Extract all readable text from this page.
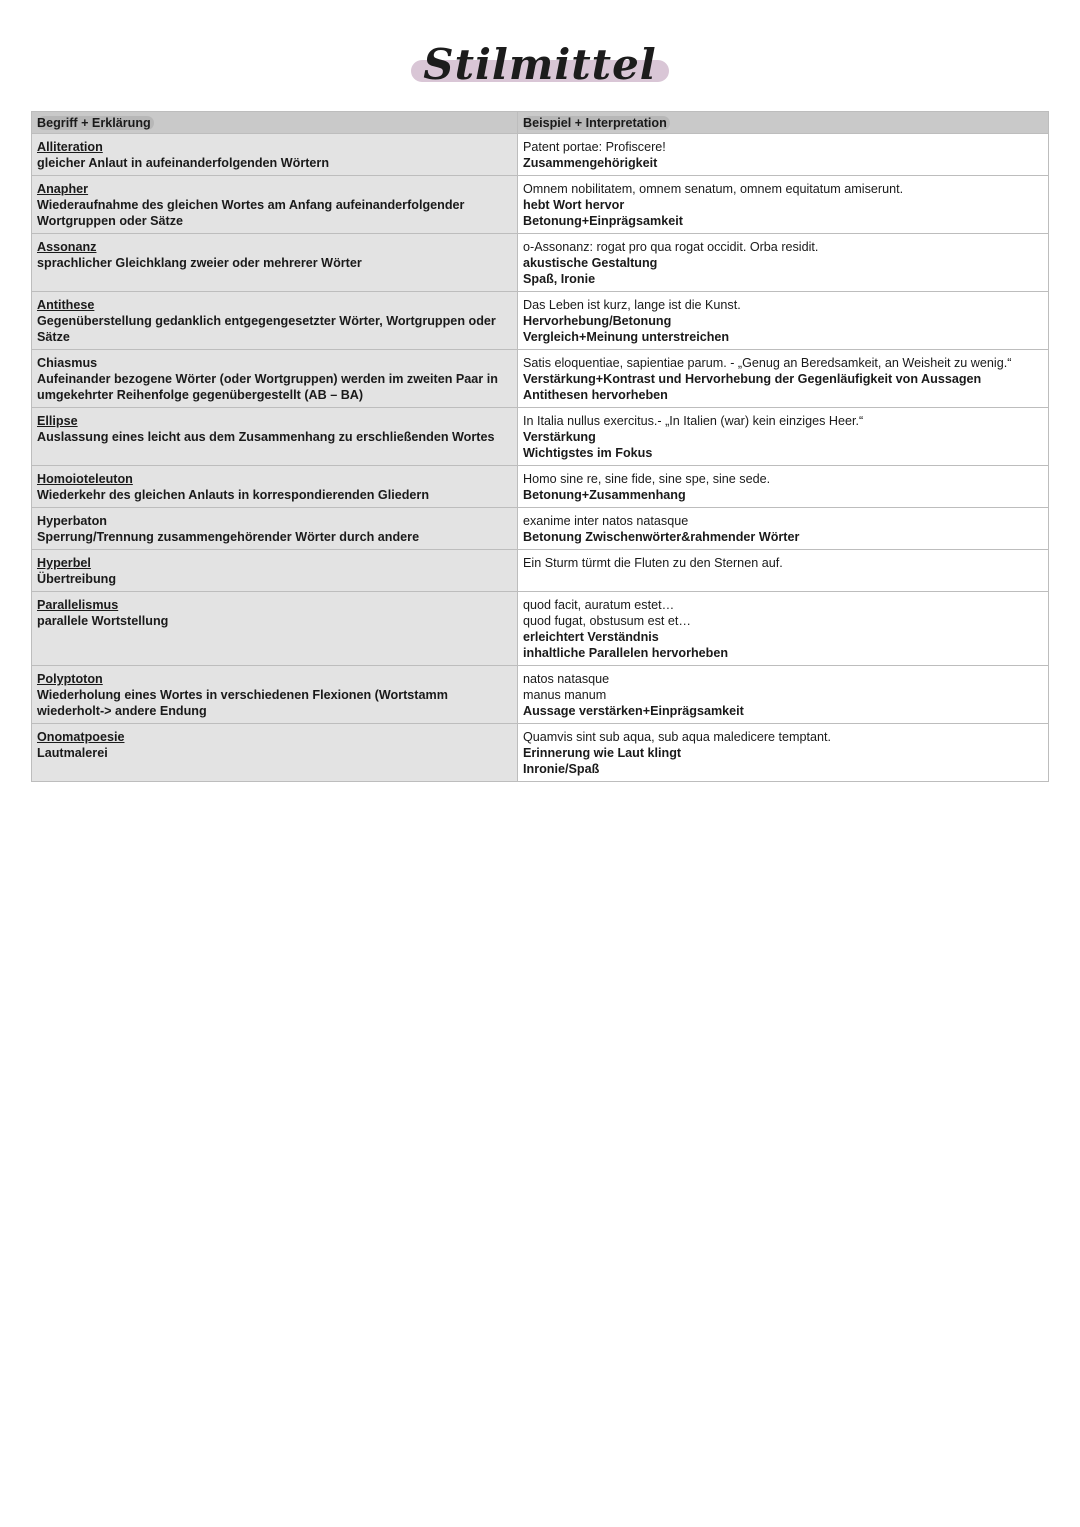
Stilmittel
Begriff + Erklärung	Beispiel + Interpretation

Alliteration
gleicher Anlaut in aufeinanderfolgenden Wörtern	Patent portae: Profiscere!
Zusammengehörigkeit

Anapher
Wiederaufnahme des gleichen Wortes am Anfang aufeinanderfolgender Wortgruppen oder Sätze	Omnem nobilitatem, omnem senatum, omnem equitatum amiserunt.
hebt Wort hervor
Betonung+Einprägsamkeit

Assonanz
sprachlicher Gleichklang zweier oder mehrerer Wörter	o-Assonanz: rogat pro qua rogat occidit. Orba residit.
akustische Gestaltung
Spaß, Ironie

Antithese
Gegenüberstellung gedanklich entgegengesetzter Wörter, Wortgruppen oder Sätze	Das Leben ist kurz, lange ist die Kunst.
Hervorhebung/Betonung
Vergleich+Meinung unterstreichen

Chiasmus
Aufeinander bezogene Wörter (oder Wortgruppen) werden im zweiten Paar in umgekehrter Reihenfolge gegenübergestellt (AB – BA)	Satis eloquentiae, sapientiae parum. - „Genug an Beredsamkeit, an Weisheit zu wenig.“
Verstärkung+Kontrast und Hervorhebung der Gegenläufigkeit von Aussagen
Antithesen hervorheben

Ellipse
Auslassung eines leicht aus dem Zusammenhang zu erschließenden Wortes	In Italia nullus exercitus.- „In Italien (war) kein einziges Heer.“
Verstärkung
Wichtigstes im Fokus

Homoioteleuton
Wiederkehr des gleichen Anlauts in korrespondierenden Gliedern	Homo sine re, sine fide, sine spe, sine sede.
Betonung+Zusammenhang

Hyperbaton
Sperrung/Trennung zusammengehörender Wörter durch andere	exanime inter natos natasque
Betonung Zwischenwörter&rahmender Wörter

Hyperbel
Übertreibung	Ein Sturm türmt die Fluten zu den Sternen auf.

Parallelismus
parallele Wortstellung	quod facit, auratum estet…
quod fugat, obstusum est et…
erleichtert Verständnis
inhaltliche Parallelen hervorheben

Polyptoton
Wiederholung eines Wortes in verschiedenen Flexionen (Wortstamm wiederholt-> andere Endung	natos natasque
manus manum
Aussage verstärken+Einprägsamkeit

Onomatpoesie
Lautmalerei	Quamvis sint sub aqua, sub aqua maledicere temptant.
Erinnerung wie Laut klingt
Inronie/Spaß
